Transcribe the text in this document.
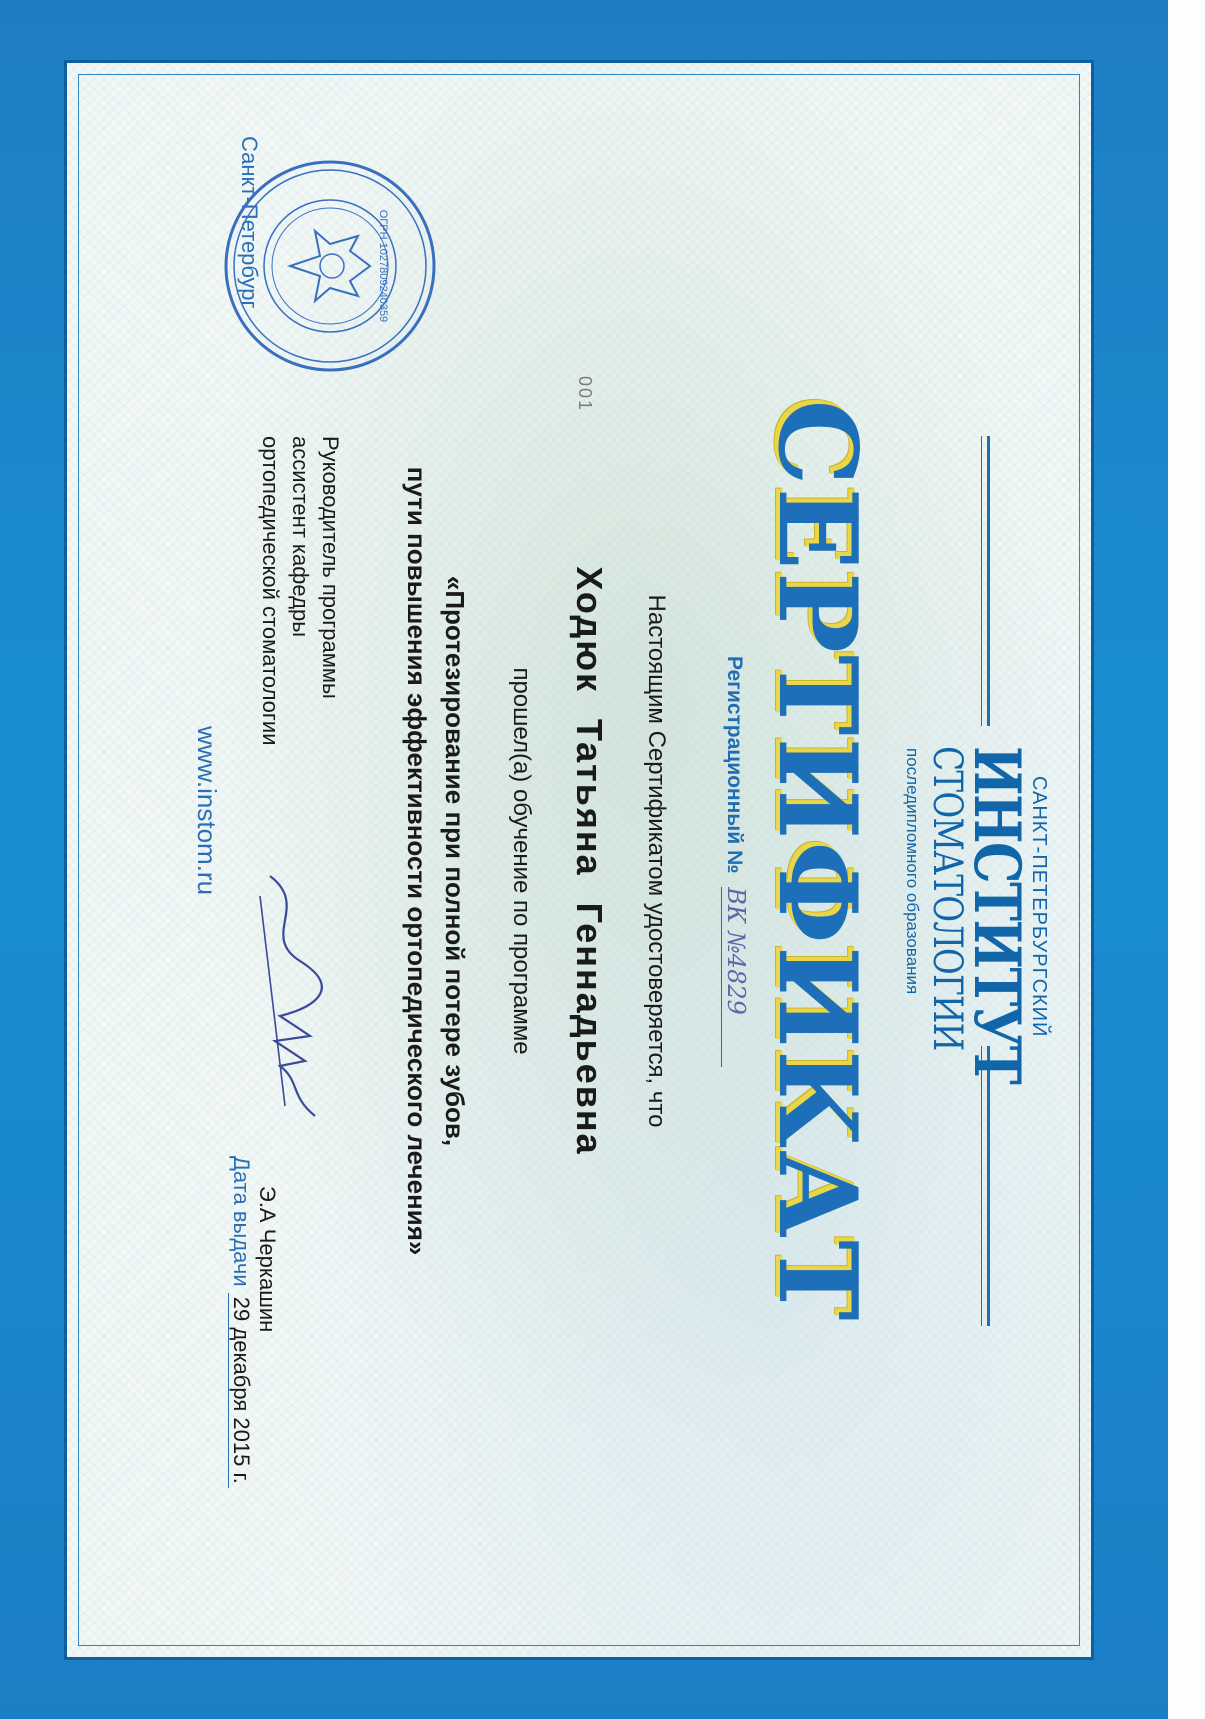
САНКТ-ПЕТЕРБУРГСКИЙ
ИНСТИТУТ
СТОМАТОЛОГИИ
последипломного образования
СЕРТИФИКАТ
Регистрационный № ВК №4829
Настоящим Сертификатом удостоверяется, что
Ходюк Татьяна Геннадьевна
прошел(а) обучение по программе
«Протезирование при полной потере зубов,
пути повышения эффективности ортопедического лечения»
001
Руководитель программы
ассистент кафедры
ортопедической стоматологии
Э.А Черкашин
www.instom.ru
Санкт-Петербург
Дата выдачи 29 декабря 2015 г.
ОГРН 1027809240359
